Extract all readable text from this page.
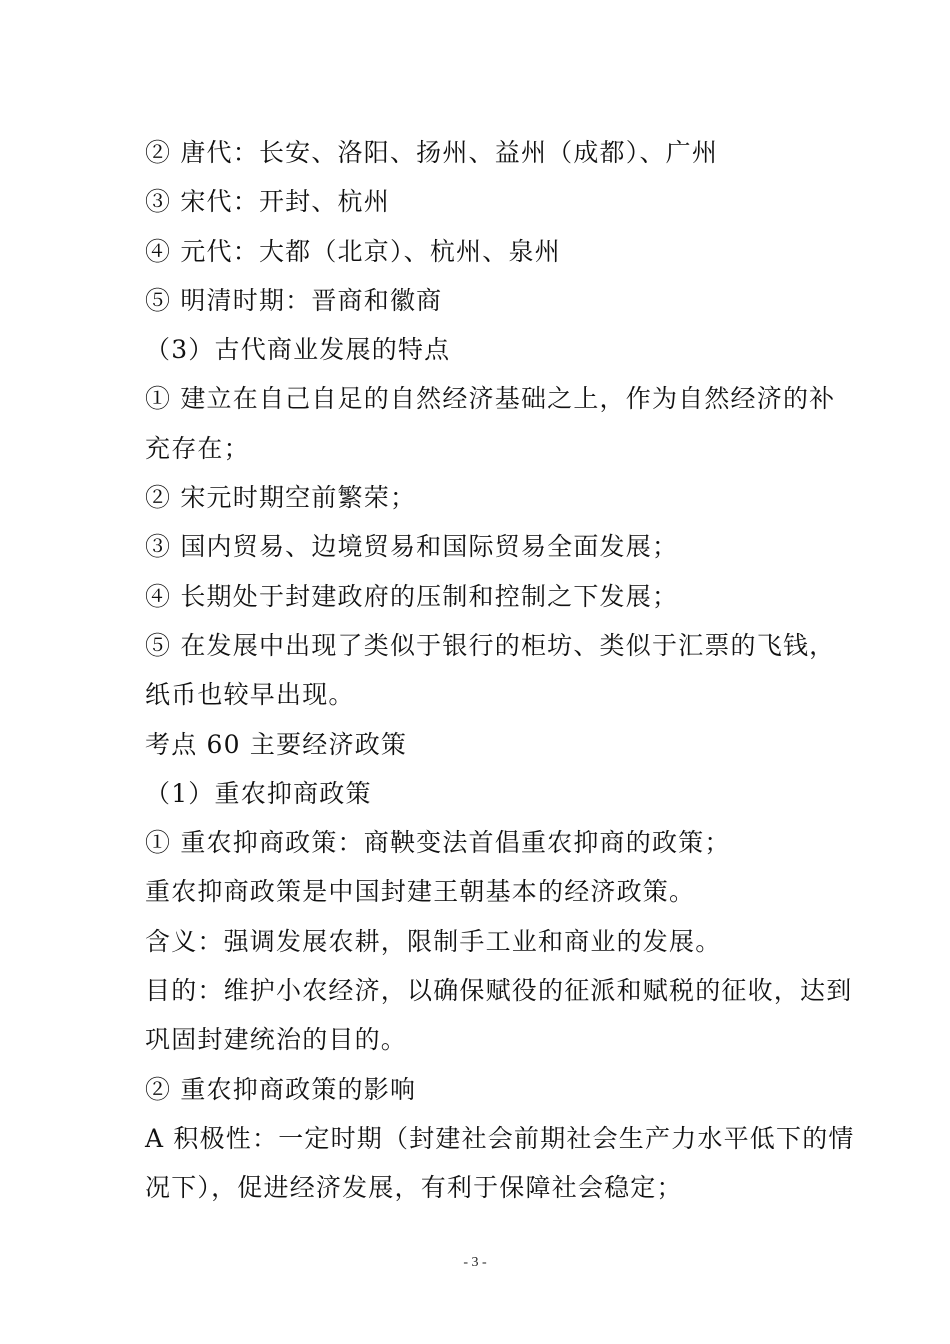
② 唐代：长安、洛阳、扬州、益州（成都）、广州
③ 宋代：开封、杭州
④ 元代：大都（北京）、杭州、泉州
⑤ 明清时期：晋商和徽商
（3）古代商业发展的特点
① 建立在自己自足的自然经济基础之上，作为自然经济的补
充存在；
② 宋元时期空前繁荣；
③ 国内贸易、边境贸易和国际贸易全面发展；
④ 长期处于封建政府的压制和控制之下发展；
⑤ 在发展中出现了类似于银行的柜坊、类似于汇票的飞钱，
纸币也较早出现。
考点 60 主要经济政策
（1）重农抑商政策
① 重农抑商政策：商鞅变法首倡重农抑商的政策；
重农抑商政策是中国封建王朝基本的经济政策。
含义：强调发展农耕，限制手工业和商业的发展。
目的：维护小农经济，以确保赋役的征派和赋税的征收，达到
巩固封建统治的目的。
② 重农抑商政策的影响
A 积极性：一定时期（封建社会前期社会生产力水平低下的情
况下），促进经济发展，有利于保障社会稳定；
- 3 -
